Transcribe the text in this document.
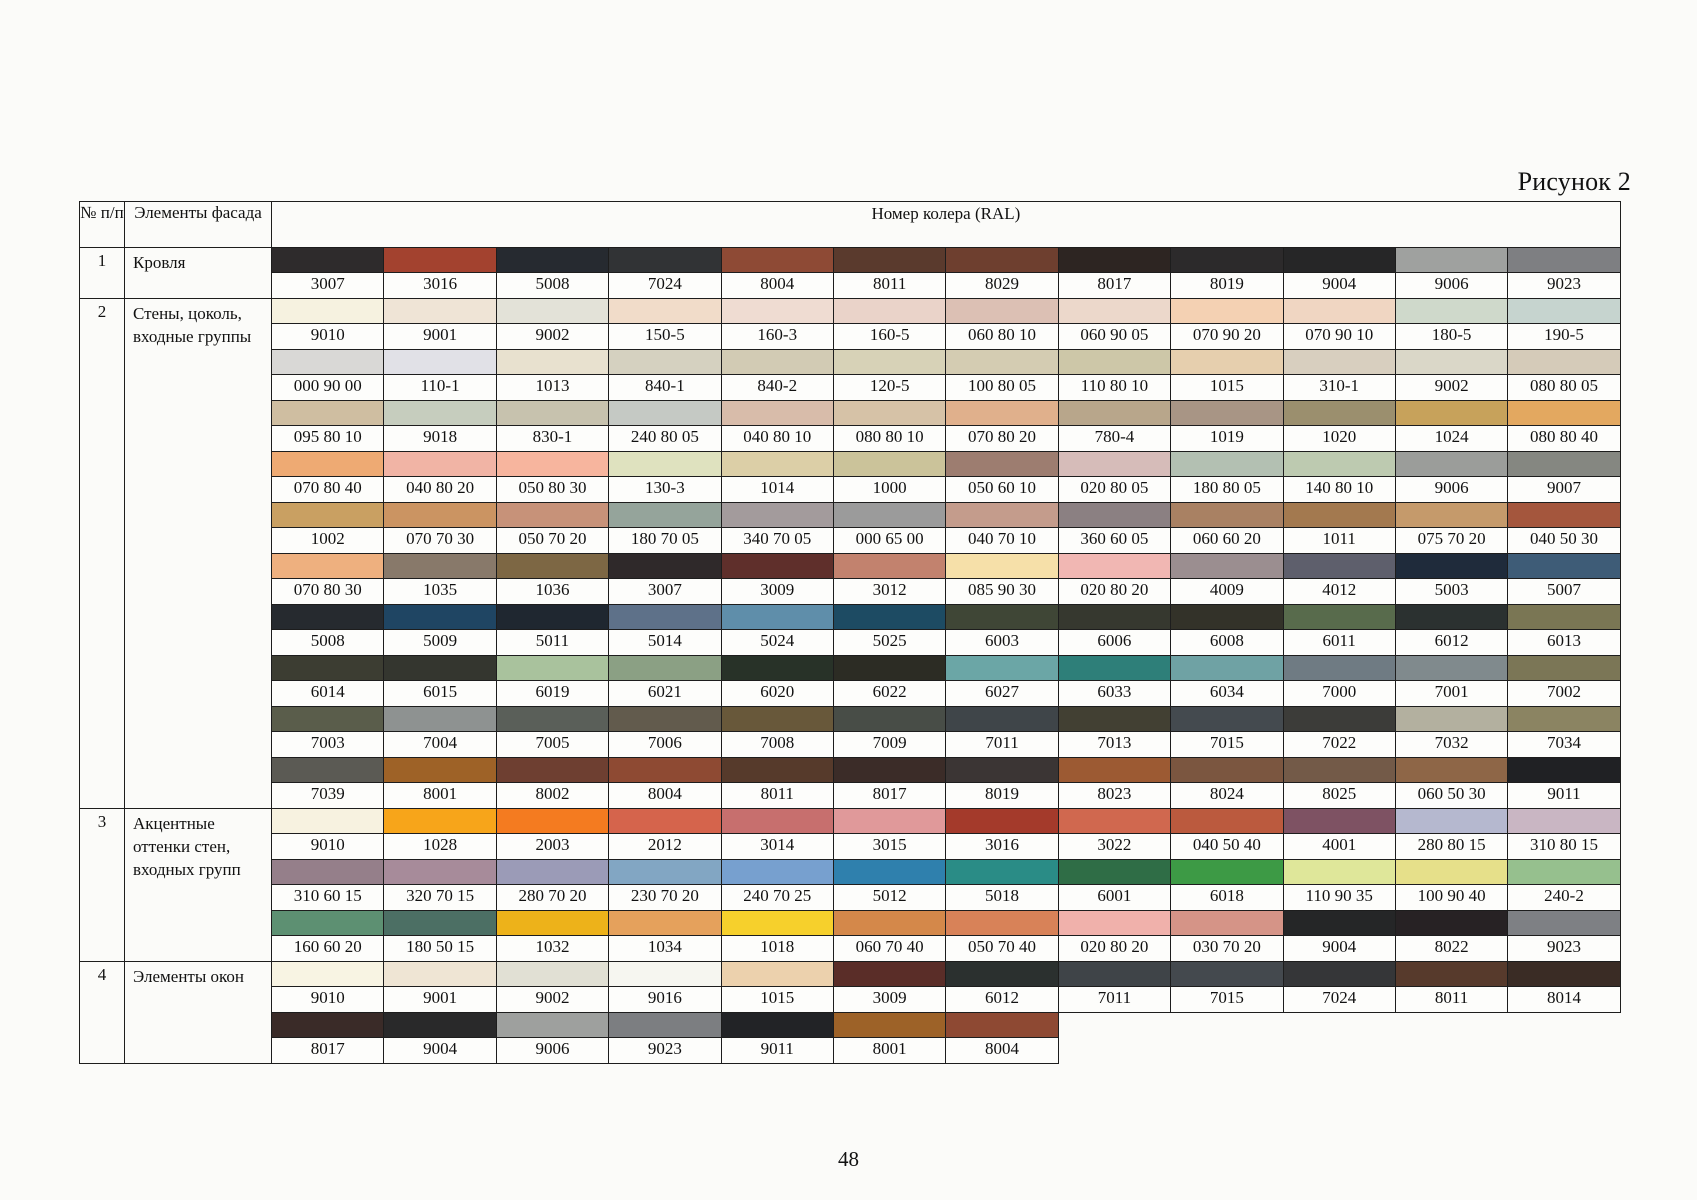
Рисунок 2
№ п/п	Элементы фасада	Номер колера (RAL)											
1	Кровля												
		3007	3016	5008	7024	8004	8011	8029	8017	8019	9004	9006	9023
2	Стены, цоколь, входные группы												
		9010	9001	9002	150-5	160-3	160-5	060 80 10	060 90 05	070 90 20	070 90 10	180-5	190-5

		000 90 00	110-1	1013	840-1	840-2	120-5	100 80 05	110 80 10	1015	310-1	9002	080 80 05

		095 80 10	9018	830-1	240 80 05	040 80 10	080 80 10	070 80 20	780-4	1019	1020	1024	080 80 40

		070 80 40	040 80 20	050 80 30	130-3	1014	1000	050 60 10	020 80 05	180 80 05	140 80 10	9006	9007

		1002	070 70 30	050 70 20	180 70 05	340 70 05	000 65 00	040 70 10	360 60 05	060 60 20	1011	075 70 20	040 50 30

		070 80 30	1035	1036	3007	3009	3012	085 90 30	020 80 20	4009	4012	5003	5007

		5008	5009	5011	5014	5024	5025	6003	6006	6008	6011	6012	6013

		6014	6015	6019	6021	6020	6022	6027	6033	6034	7000	7001	7002

		7003	7004	7005	7006	7008	7009	7011	7013	7015	7022	7032	7034

		7039	8001	8002	8004	8011	8017	8019	8023	8024	8025	060 50 30	9011
3	Акцентные оттенки стен, входных групп												
		9010	1028	2003	2012	3014	3015	3016	3022	040 50 40	4001	280 80 15	310 80 15

		310 60 15	320 70 15	280 70 20	230 70 20	240 70 25	5012	5018	6001	6018	110 90 35	100 90 40	240-2

		160 60 20	180 50 15	1032	1034	1018	060 70 40	050 70 40	020 80 20	030 70 20	9004	8022	9023
4	Элементы окон												
		9010	9001	9002	9016	1015	3009	6012	7011	7015	7024	8011	8014

		8017	9004	9006	9023	9011	8001	8004					
48
